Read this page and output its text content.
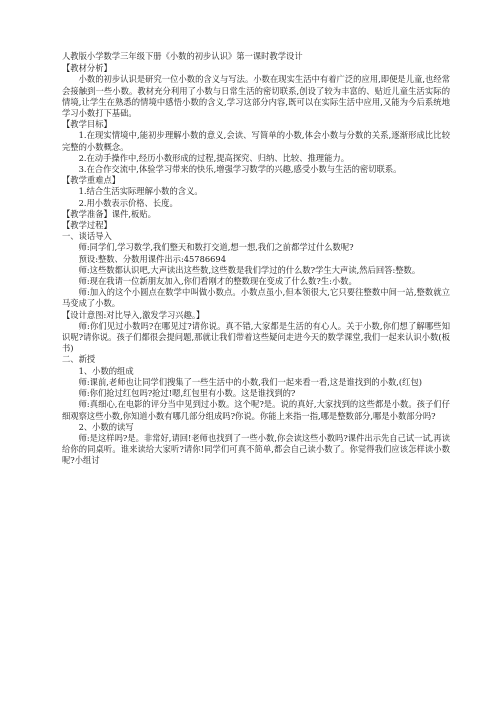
人教版小学数学三年级下册《小数的初步认识》第一课时教学设计

【教材分析】

小数的初步认识是研究一位小数的含义与写法。小数在现实生活中有着广泛的应用,即便是儿童,也经常会接触到一些小数。教材充分利用了小数与日常生活的密切联系,创设了较为丰富的、贴近儿童生活实际的情境,让学生在熟悉的情境中感悟小数的含义,学习这部分内容,既可以在实际生活中应用,又能为今后系统地学习小数打下基础。

【教学目标】

1.在现实情境中,能初步理解小数的意义,会读、写简单的小数,体会小数与分数的关系,逐渐形成比比较完整的小数概念。

2.在动手操作中,经历小数形成的过程,提高探究、归纳、比较、推理能力。

3.在合作交流中,体验学习带来的快乐,增强学习数学的兴趣,感受小数与生活的密切联系。

【教学重难点】

1.结合生活实际理解小数的含义。

2.用小数表示价格、长度。

【教学准备】课件,板贴。

【教学过程】

一、谈话导入

师:同学们,学习数学,我们整天和数打交道,想一想,我们之前都学过什么数呢?

预设:整数、分数用课件出示:45786694

师:这些数都认识吧,大声读出这些数,这些数是我们学过的什么数?学生大声读,然后回答:整数。

师:现在我请一位新朋友加入,你们看刚才的整数现在变成了什么数?生:小数。

师:加入的这个小圆点在数学中叫做小数点。小数点虽小,但本领很大,它只要往整数中间一站,整数就立马变成了小数。

【设计意图:对比导入,激发学习兴趣。】

师:你们见过小数吗?在哪见过?请你说。真不错,大家都是生活的有心人。关于小数,你们想了解哪些知识呢?请你说。孩子们都很会提问题,那就让我们带着这些疑问走进今天的数学课堂,我们一起来认识小数(板书)

二、新授

1、小数的组成

师:课前,老师也让同学们搜集了一些生活中的小数,我们一起来看一看,这是谁找到的小数,(红包)

师:你们抢过红包吗?抢过!嗯,红包里有小数。这是谁找到的?

师:真细心,在电影的评分当中见到过小数。这个呢?是。说的真好,大家找到的这些都是小数。孩子们仔细观察这些小数,你知道小数有哪几部分组成吗?你说。你能上来指一指,哪是整数部分,哪是小数部分吗?

2、小数的读写

师:是这样吗?是。非常好,请回!老师也找到了一些小数,你会读这些小数吗?课件出示先自己试一试,再读给你的同桌听。谁来读给大家听?请你!同学们可真不简单,都会自己读小数了。你觉得我们应该怎样读小数呢?小组讨
